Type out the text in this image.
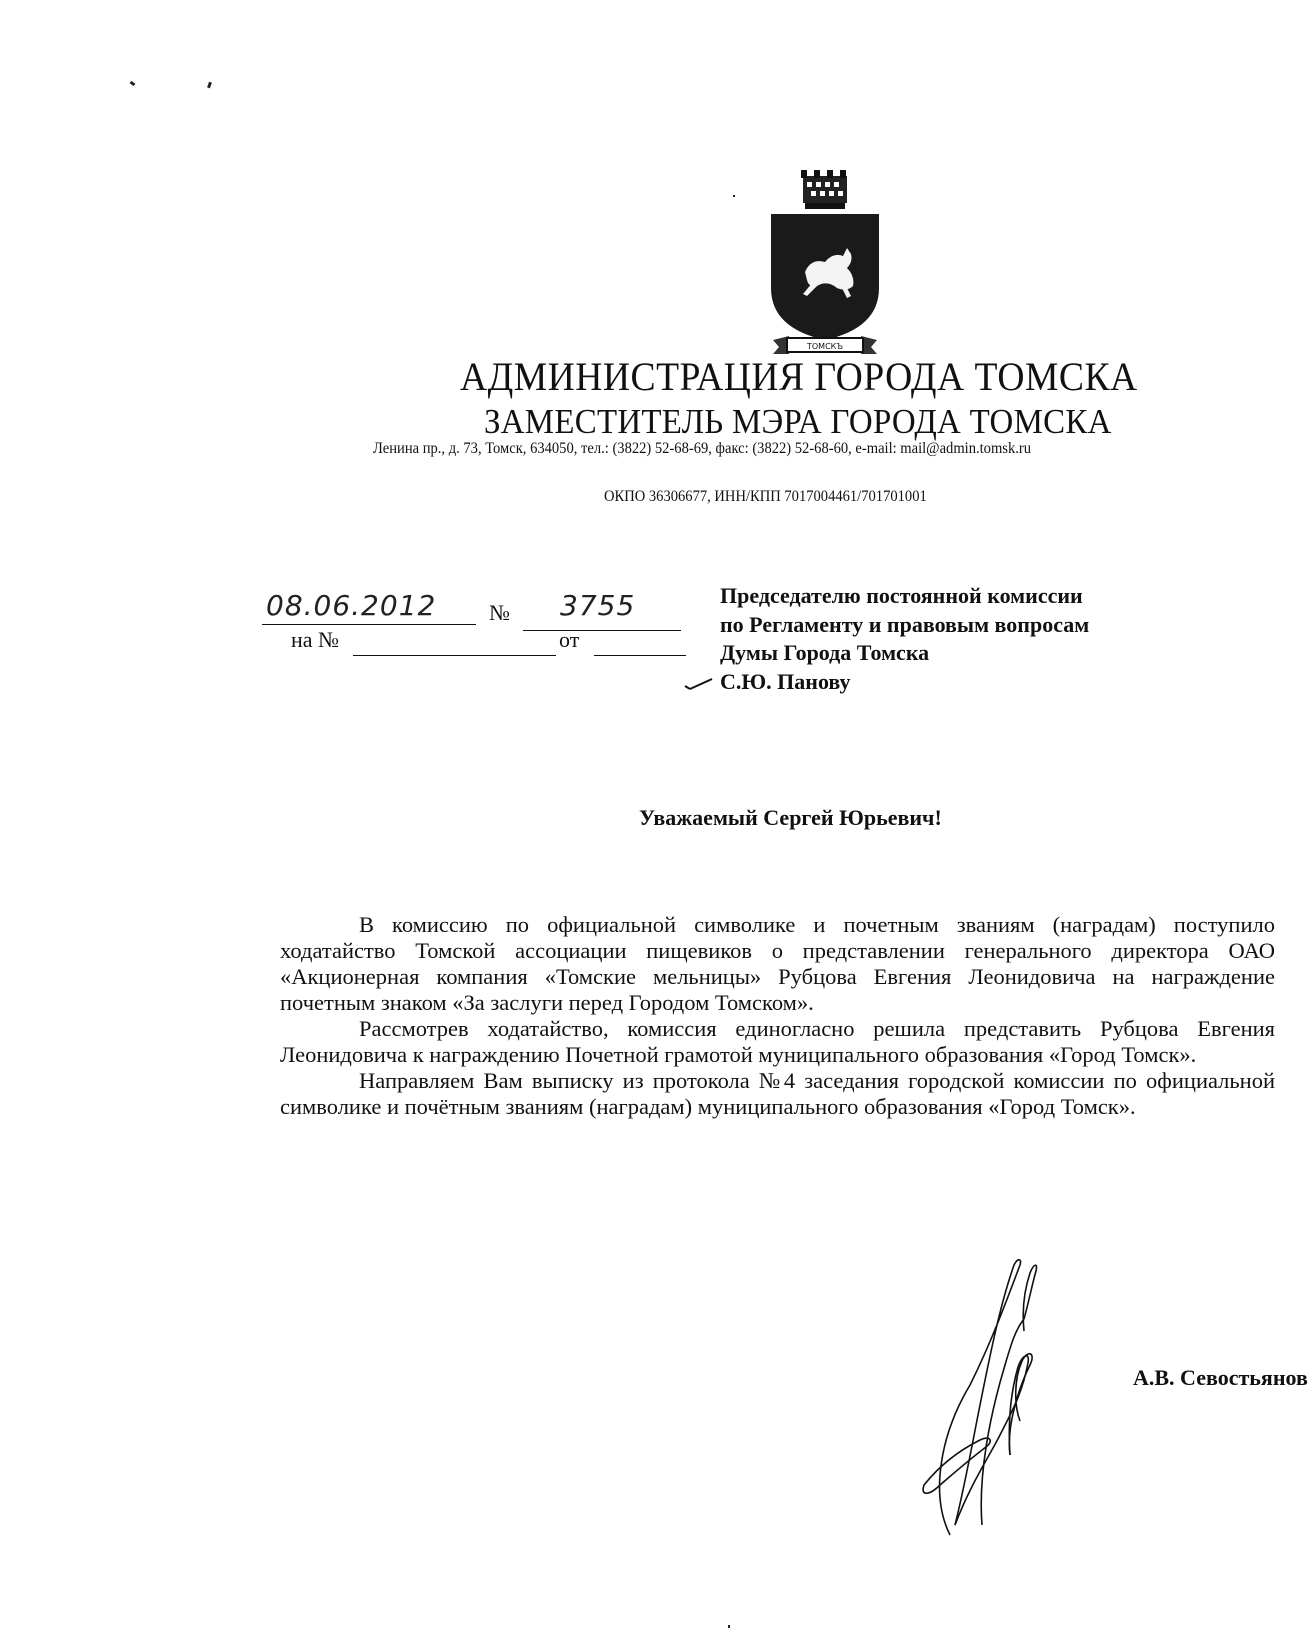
ТОМСКЪ
АДМИНИСТРАЦИЯ ГОРОДА ТОМСКА
ЗАМЕСТИТЕЛЬ МЭРА ГОРОДА ТОМСКА
Ленина пр., д. 73, Томск, 634050, тел.: (3822) 52-68-69, факс: (3822) 52-68-60, e-mail: mail@admin.tomsk.ru
ОКПО 36306677, ИНН/КПП 7017004461/701701001
08.06.2012 № 3755
на №	от
Председателю постоянной комиссии
по Регламенту и правовым вопросам
Думы Города Томска
С.Ю. Панову
Уважаемый Сергей Юрьевич!

В комиссию по официальной символике и почетным званиям (наградам) поступило ходатайство Томской ассоциации пищевиков о представлении генерального директора ОАО «Акционерная компания «Томские мельницы» Рубцова Евгения Леонидовича на награждение почетным знаком «За заслуги перед Городом Томском».

Рассмотрев ходатайство, комиссия единогласно решила представить Рубцова Евгения Леонидовича к награждению Почетной грамотой муниципального образования «Город Томск».

Направляем Вам выписку из протокола №4 заседания городской комиссии по официальной символике и почётным званиям (наградам) муниципального образования «Город Томск».

А.В. Севостьянов
